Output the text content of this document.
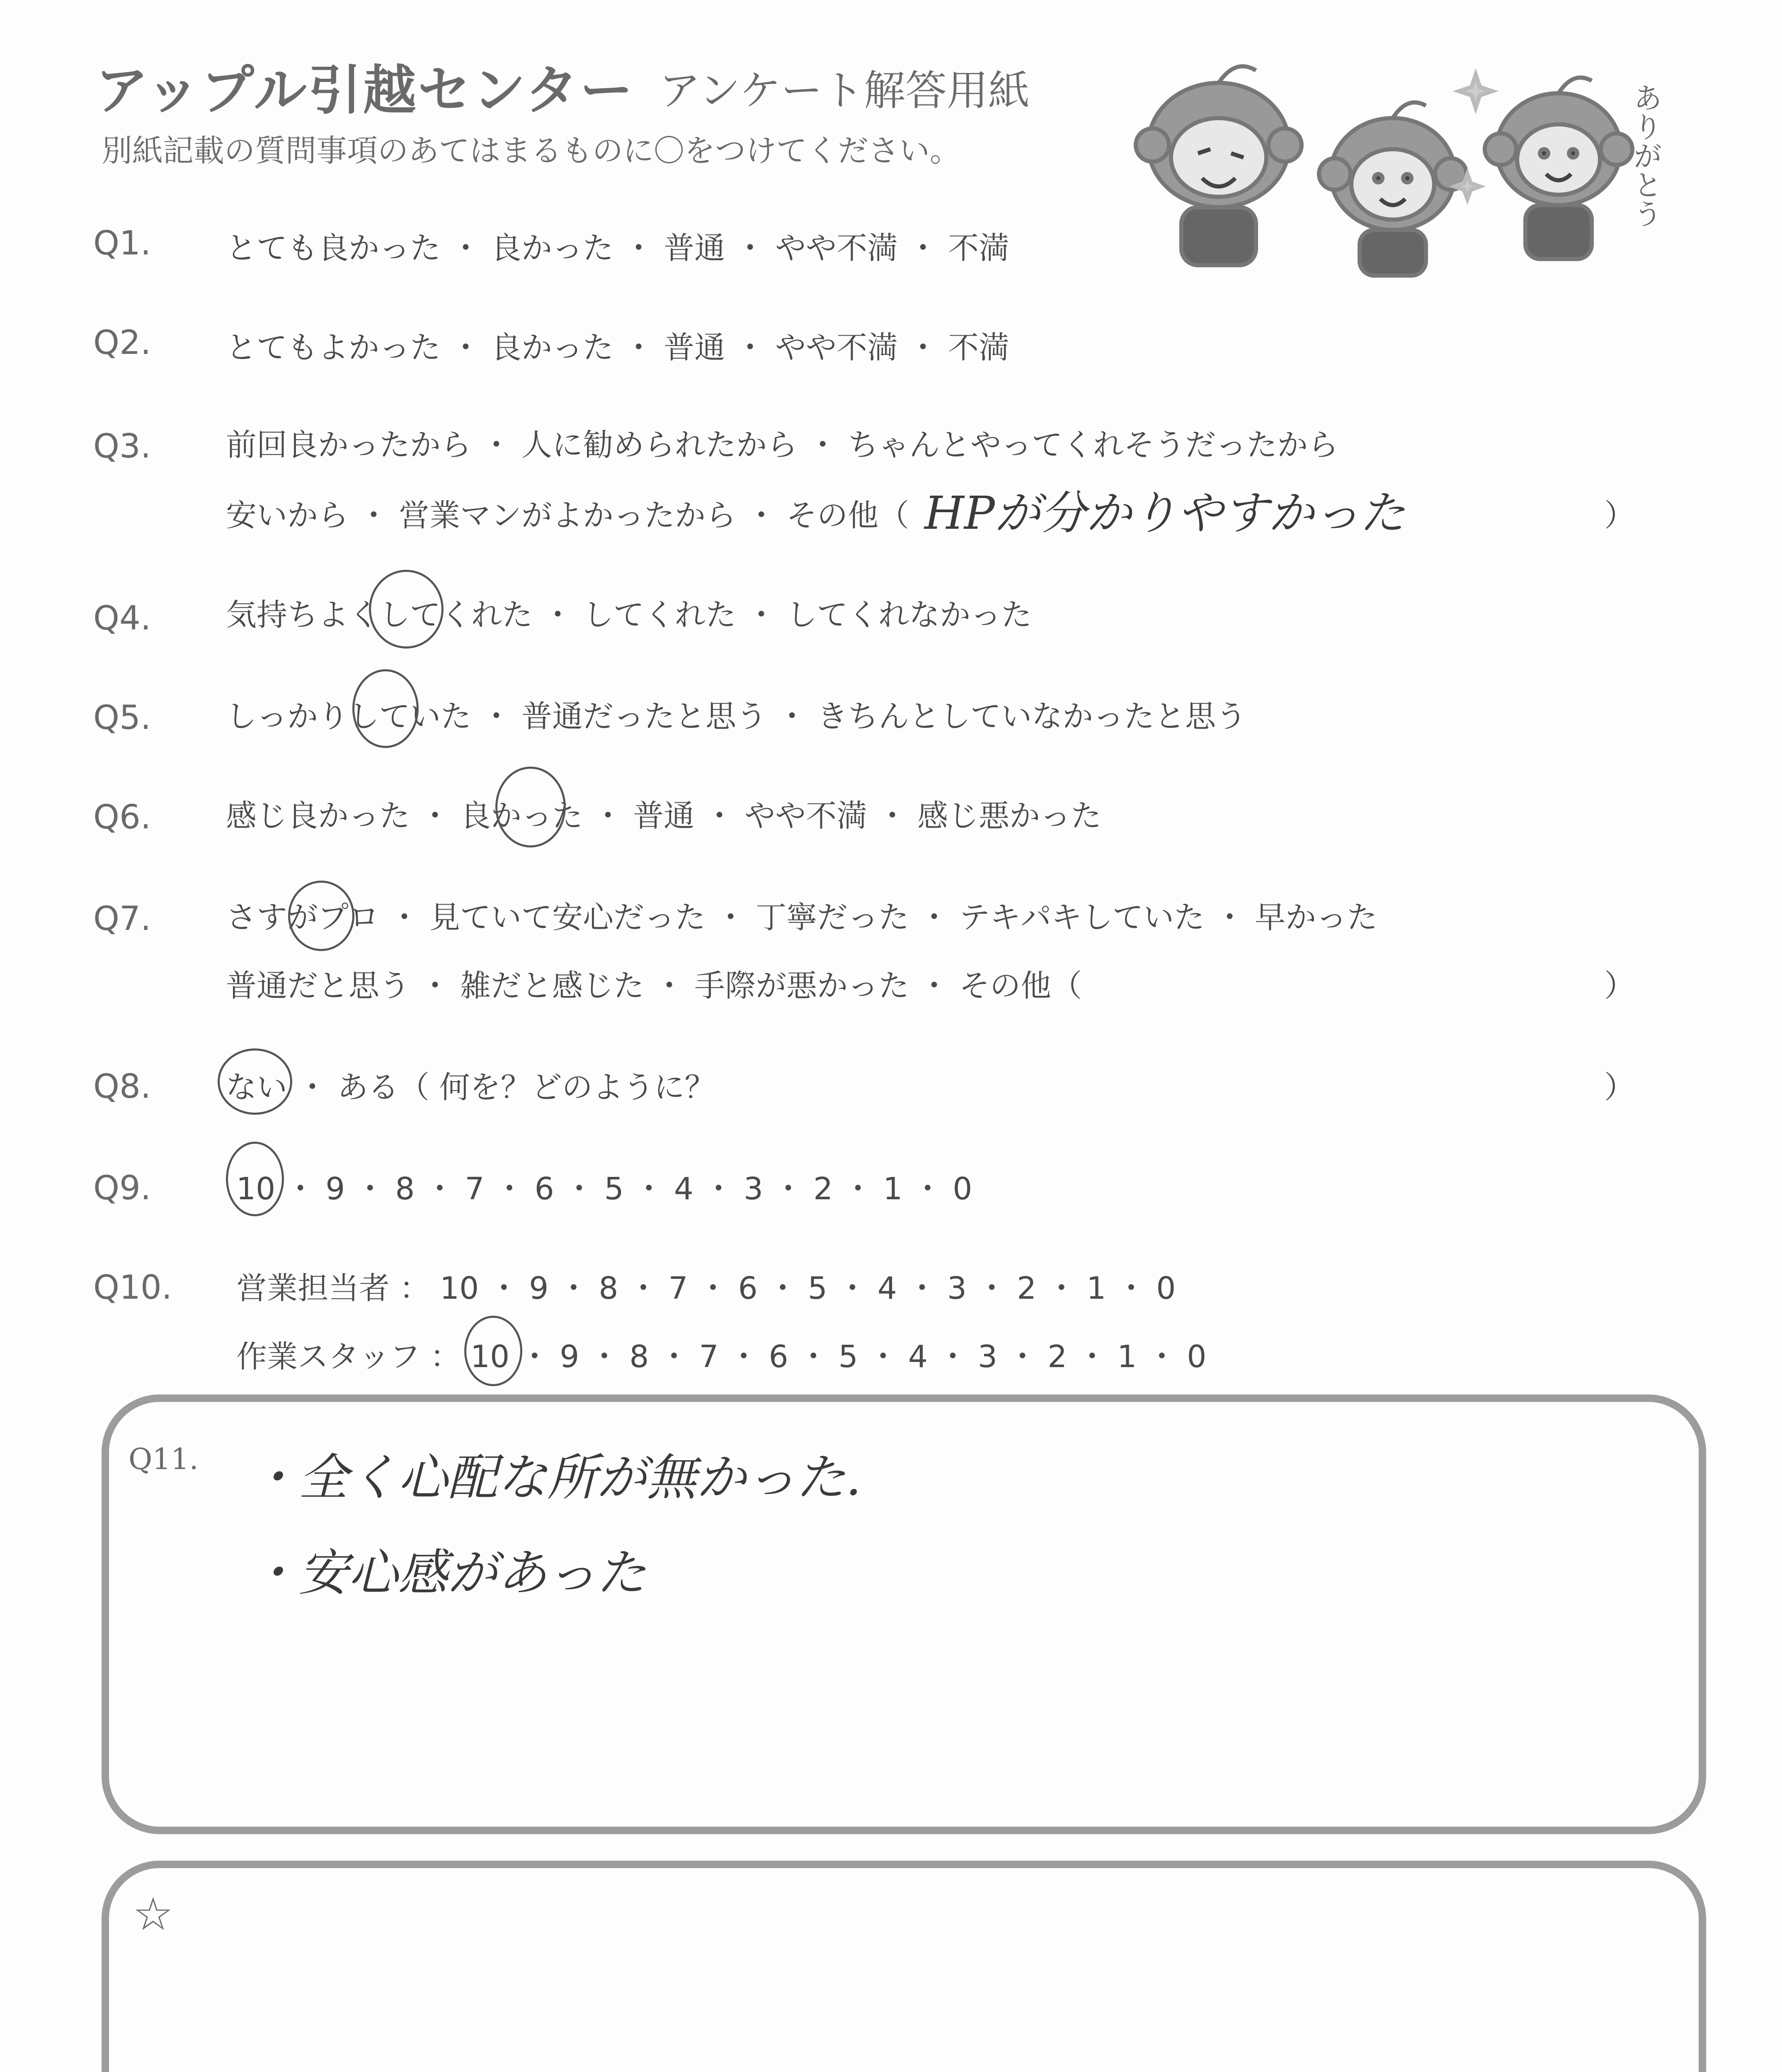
アップル引越センター アンケート解答用紙
別紙記載の質問事項のあてはまるものに〇をつけてください。	ありがとう
Q1. とても良かった ・ 良かった ・ 普通 ・ やや不満 ・ 不満
Q2. とてもよかった ・ 良かった ・ 普通 ・ やや不満 ・ 不満
Q3. 前回良かったから ・ 人に勧められたから ・ ちゃんとやってくれそうだったから
安いから ・ 営業マンがよかったから ・ その他（ HPが分かりやすかった	）
Q4. 気持ちよくしてくれた ・ してくれた ・ してくれなかった
Q5. しっかりしていた ・ 普通だったと思う ・ きちんとしていなかったと思う
Q6. 感じ良かった ・ 良かった ・ 普通 ・ やや不満 ・ 感じ悪かった
Q7. さすがプロ ・ 見ていて安心だった ・ 丁寧だった ・ テキパキしていた ・ 早かった
普通だと思う ・ 雑だと感じた ・ 手際が悪かった ・ その他（	）
Q8. ない ・ ある（ 何を？どのように？	）
Q9.	10 ・ 9 ・ 8 ・ 7 ・ 6 ・ 5 ・ 4 ・ 3 ・ 2 ・ 1 ・ 0
Q10. 営業担当者 ： 10 ・ 9 ・ 8 ・ 7 ・ 6 ・ 5 ・ 4 ・ 3 ・ 2 ・ 1 ・ 0
作業スタッフ ： 10 ・ 9 ・ 8 ・ 7 ・ 6 ・ 5 ・ 4 ・ 3 ・ 2 ・ 1 ・ 0
Q11. ・全く心配な所が無かった.
・安心感があった
☆
